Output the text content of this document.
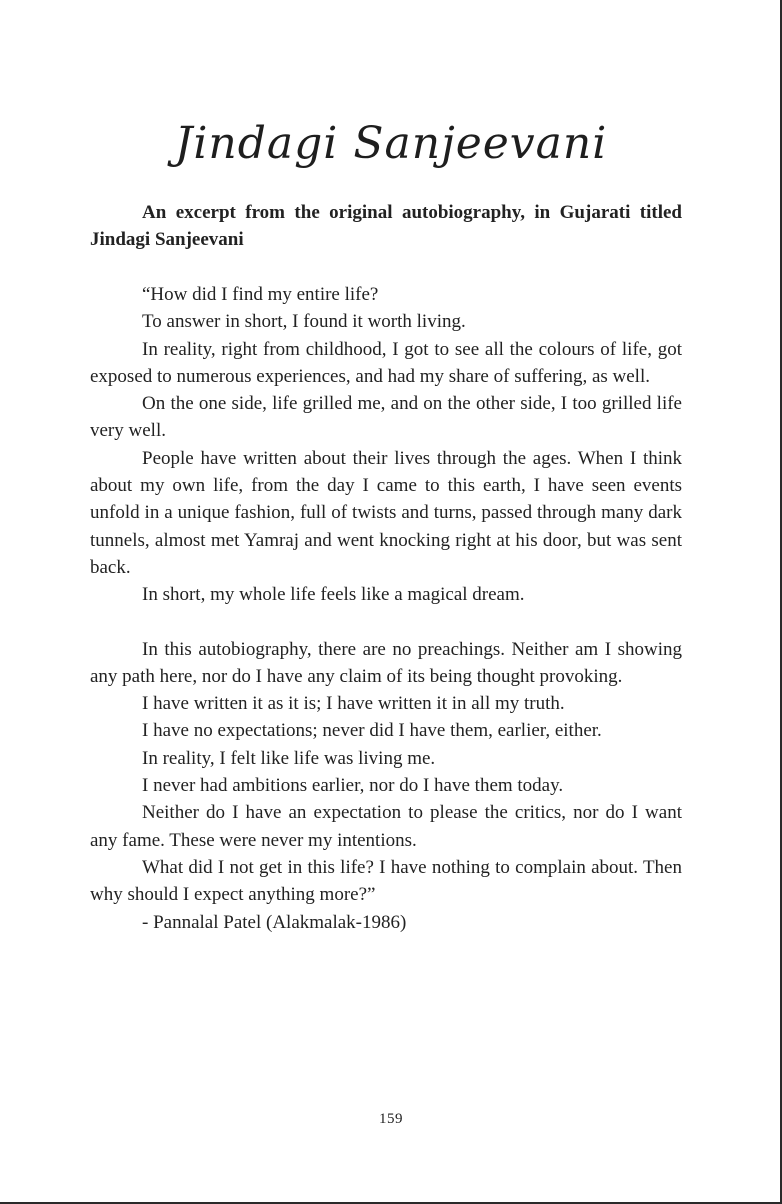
Jindagi Sanjeevani

An excerpt from the original autobiography, in Gujarati titled Jindagi Sanjeevani

“How did I find my entire life?

To answer in short, I found it worth living.

In reality, right from childhood, I got to see all the colours of life, got exposed to numerous experiences, and had my share of suffering, as well.

On the one side, life grilled me, and on the other side, I too grilled life very well.

People have written about their lives through the ages. When I think about my own life, from the day I came to this earth, I have seen events unfold in a unique fashion, full of twists and turns, passed through many dark tunnels, almost met Yamraj and went knocking right at his door, but was sent back.

In short, my whole life feels like a magical dream.

In this autobiography, there are no preachings. Neither am I showing any path here, nor do I have any claim of its being thought provoking.

I have written it as it is; I have written it in all my truth.

I have no expectations; never did I have them, earlier, either.

In reality, I felt like life was living me.

I never had ambitions earlier, nor do I have them today.

Neither do I have an expectation to please the critics, nor do I want any fame. These were never my intentions.

What did I not get in this life? I have nothing to complain about. Then why should I expect anything more?”

- Pannalal Patel (Alakmalak-1986)

159
